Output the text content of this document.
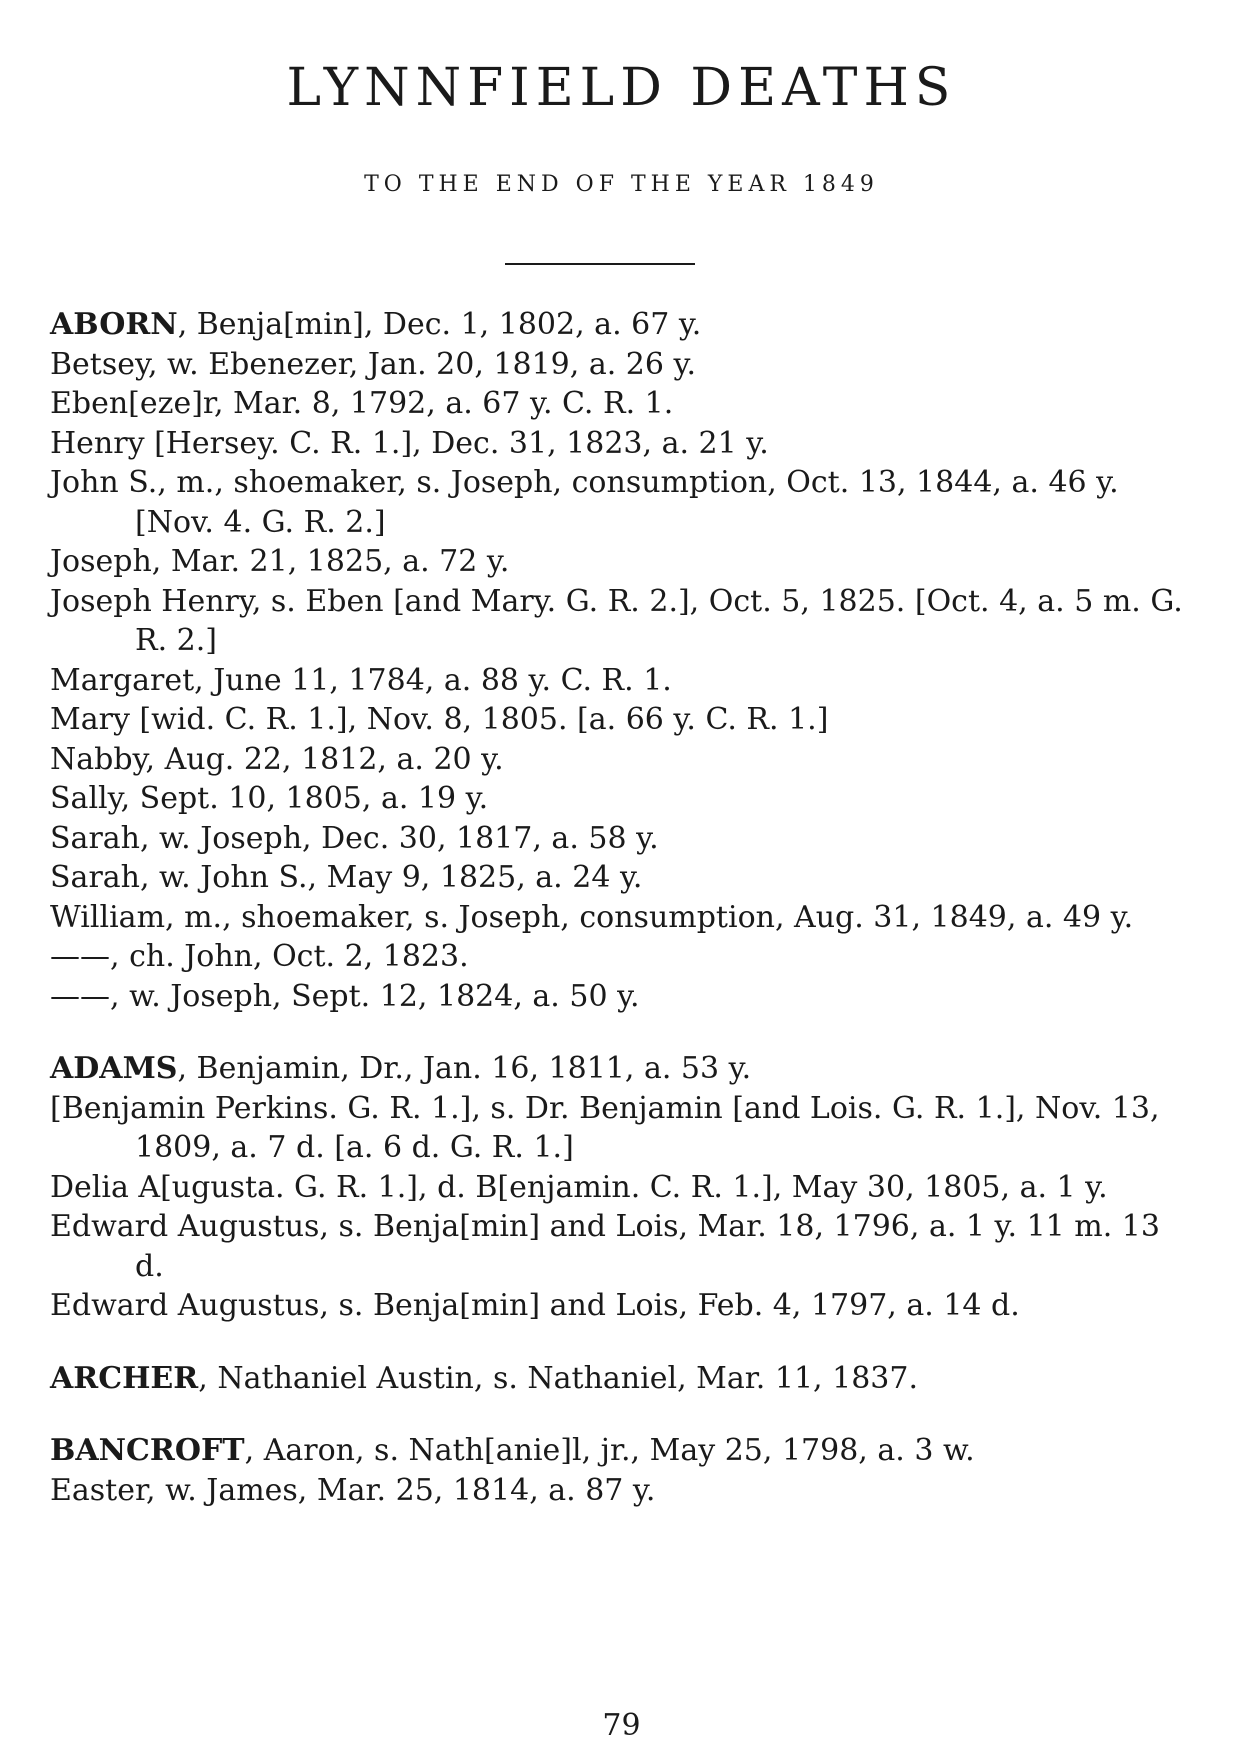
LYNNFIELD DEATHS
TO THE END OF THE YEAR 1849

ABORN, Benja[min], Dec. 1, 1802, a. 67 y.

Betsey, w. Ebenezer, Jan. 20, 1819, a. 26 y.

Eben[eze]r, Mar. 8, 1792, a. 67 y. C. R. 1.

Henry [Hersey. C. R. 1.], Dec. 31, 1823, a. 21 y.

John S., m., shoemaker, s. Joseph, consumption, Oct. 13, 1844, a. 46 y. [Nov. 4. G. R. 2.]

Joseph, Mar. 21, 1825, a. 72 y.

Joseph Henry, s. Eben [and Mary. G. R. 2.], Oct. 5, 1825. [Oct. 4, a. 5 m. G. R. 2.]

Margaret, June 11, 1784, a. 88 y. C. R. 1.

Mary [wid. C. R. 1.], Nov. 8, 1805. [a. 66 y. C. R. 1.]

Nabby, Aug. 22, 1812, a. 20 y.

Sally, Sept. 10, 1805, a. 19 y.

Sarah, w. Joseph, Dec. 30, 1817, a. 58 y.

Sarah, w. John S., May 9, 1825, a. 24 y.

William, m., shoemaker, s. Joseph, consumption, Aug. 31, 1849, a. 49 y.

——, ch. John, Oct. 2, 1823.

——, w. Joseph, Sept. 12, 1824, a. 50 y.

ADAMS, Benjamin, Dr., Jan. 16, 1811, a. 53 y.

[Benjamin Perkins. G. R. 1.], s. Dr. Benjamin [and Lois. G. R. 1.], Nov. 13, 1809, a. 7 d. [a. 6 d. G. R. 1.]

Delia A[ugusta. G. R. 1.], d. B[enjamin. C. R. 1.], May 30, 1805, a. 1 y.

Edward Augustus, s. Benja[min] and Lois, Mar. 18, 1796, a. 1 y. 11 m. 13 d.

Edward Augustus, s. Benja[min] and Lois, Feb. 4, 1797, a. 14 d.

ARCHER, Nathaniel Austin, s. Nathaniel, Mar. 11, 1837.

BANCROFT, Aaron, s. Nath[anie]l, jr., May 25, 1798, a. 3 w.

Easter, w. James, Mar. 25, 1814, a. 87 y.

79
